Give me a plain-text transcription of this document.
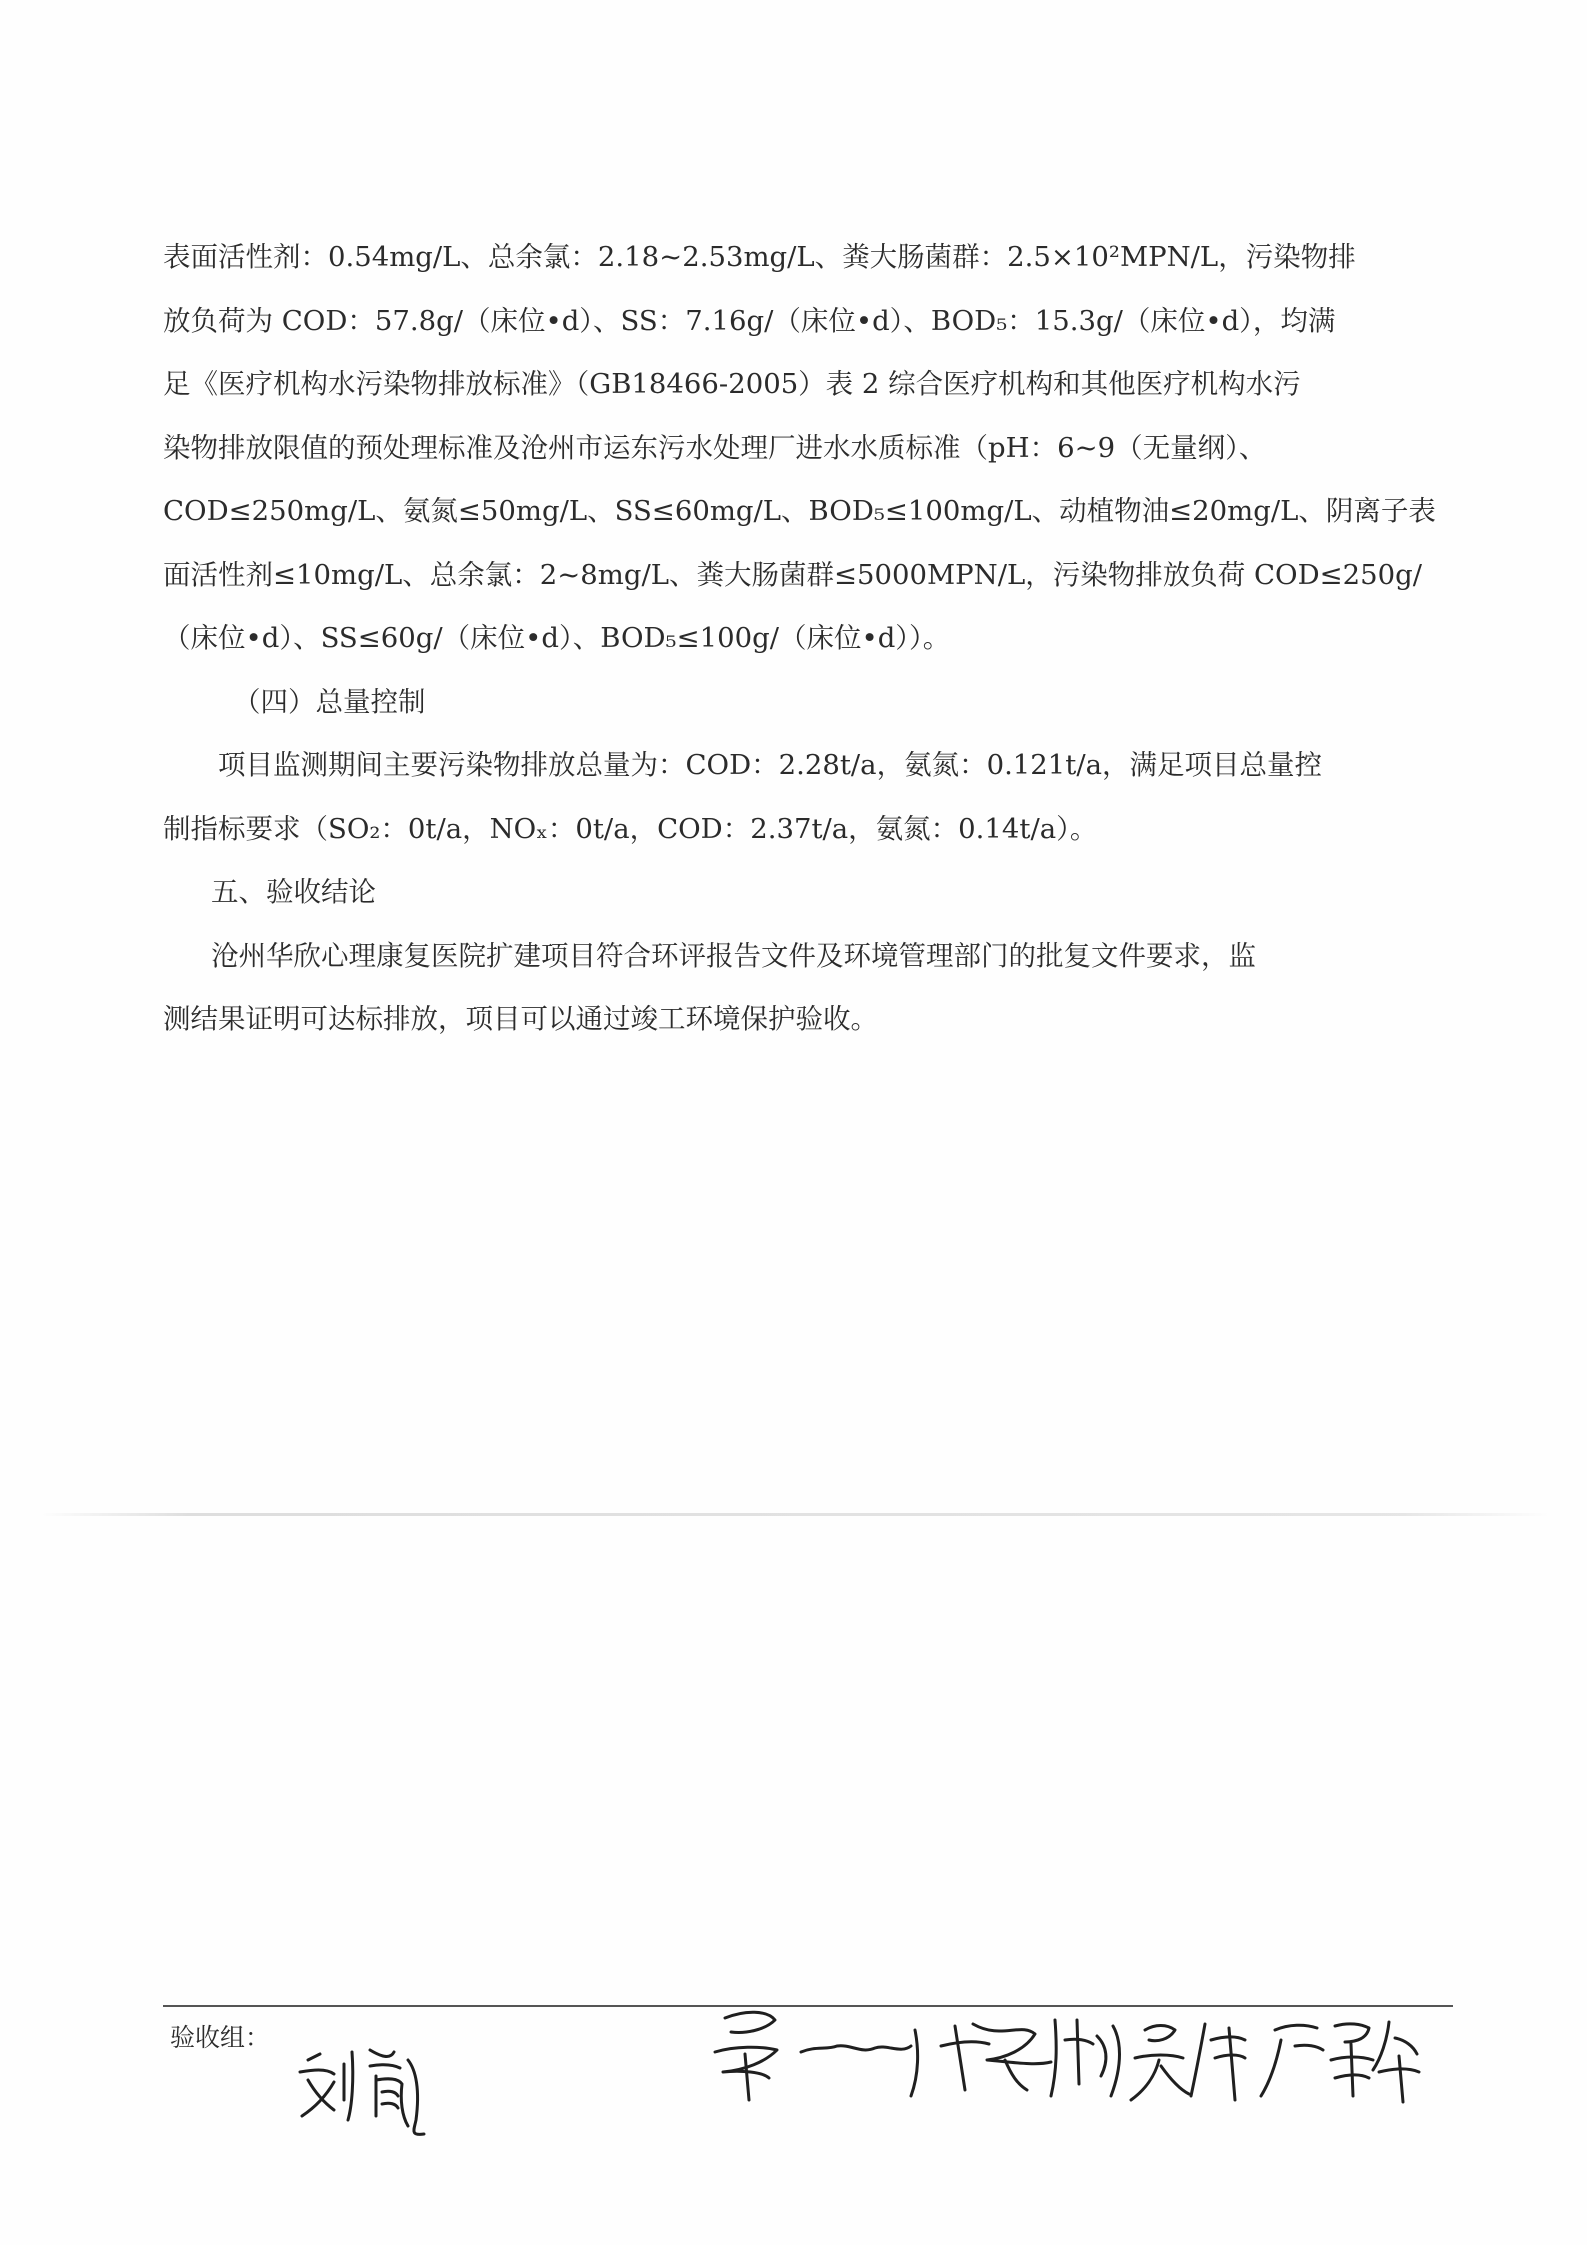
表面活性剂：0.54mg/L、总余氯：2.18~2.53mg/L、粪大肠菌群：2.5×10²MPN/L，污染物排
放负荷为 COD：57.8g/（床位•d）、SS：7.16g/（床位•d）、BOD₅：15.3g/（床位•d），均满
足《医疗机构水污染物排放标准》（GB18466-2005）表 2 综合医疗机构和其他医疗机构水污
染物排放限值的预处理标准及沧州市运东污水处理厂进水水质标准（pH：6~9（无量纲）、
COD≤250mg/L、氨氮≤50mg/L、SS≤60mg/L、BOD₅≤100mg/L、动植物油≤20mg/L、阴离子表
面活性剂≤10mg/L、总余氯：2~8mg/L、粪大肠菌群≤5000MPN/L，污染物排放负荷 COD≤250g/
（床位•d）、SS≤60g/（床位•d）、BOD₅≤100g/（床位•d））。
（四）总量控制
项目监测期间主要污染物排放总量为：COD：2.28t/a，氨氮：0.121t/a，满足项目总量控
制指标要求（SO₂：0t/a，NOₓ：0t/a，COD：2.37t/a，氨氮：0.14t/a）。
五、验收结论
沧州华欣心理康复医院扩建项目符合环评报告文件及环境管理部门的批复文件要求，监
测结果证明可达标排放，项目可以通过竣工环境保护验收。
验收组：
